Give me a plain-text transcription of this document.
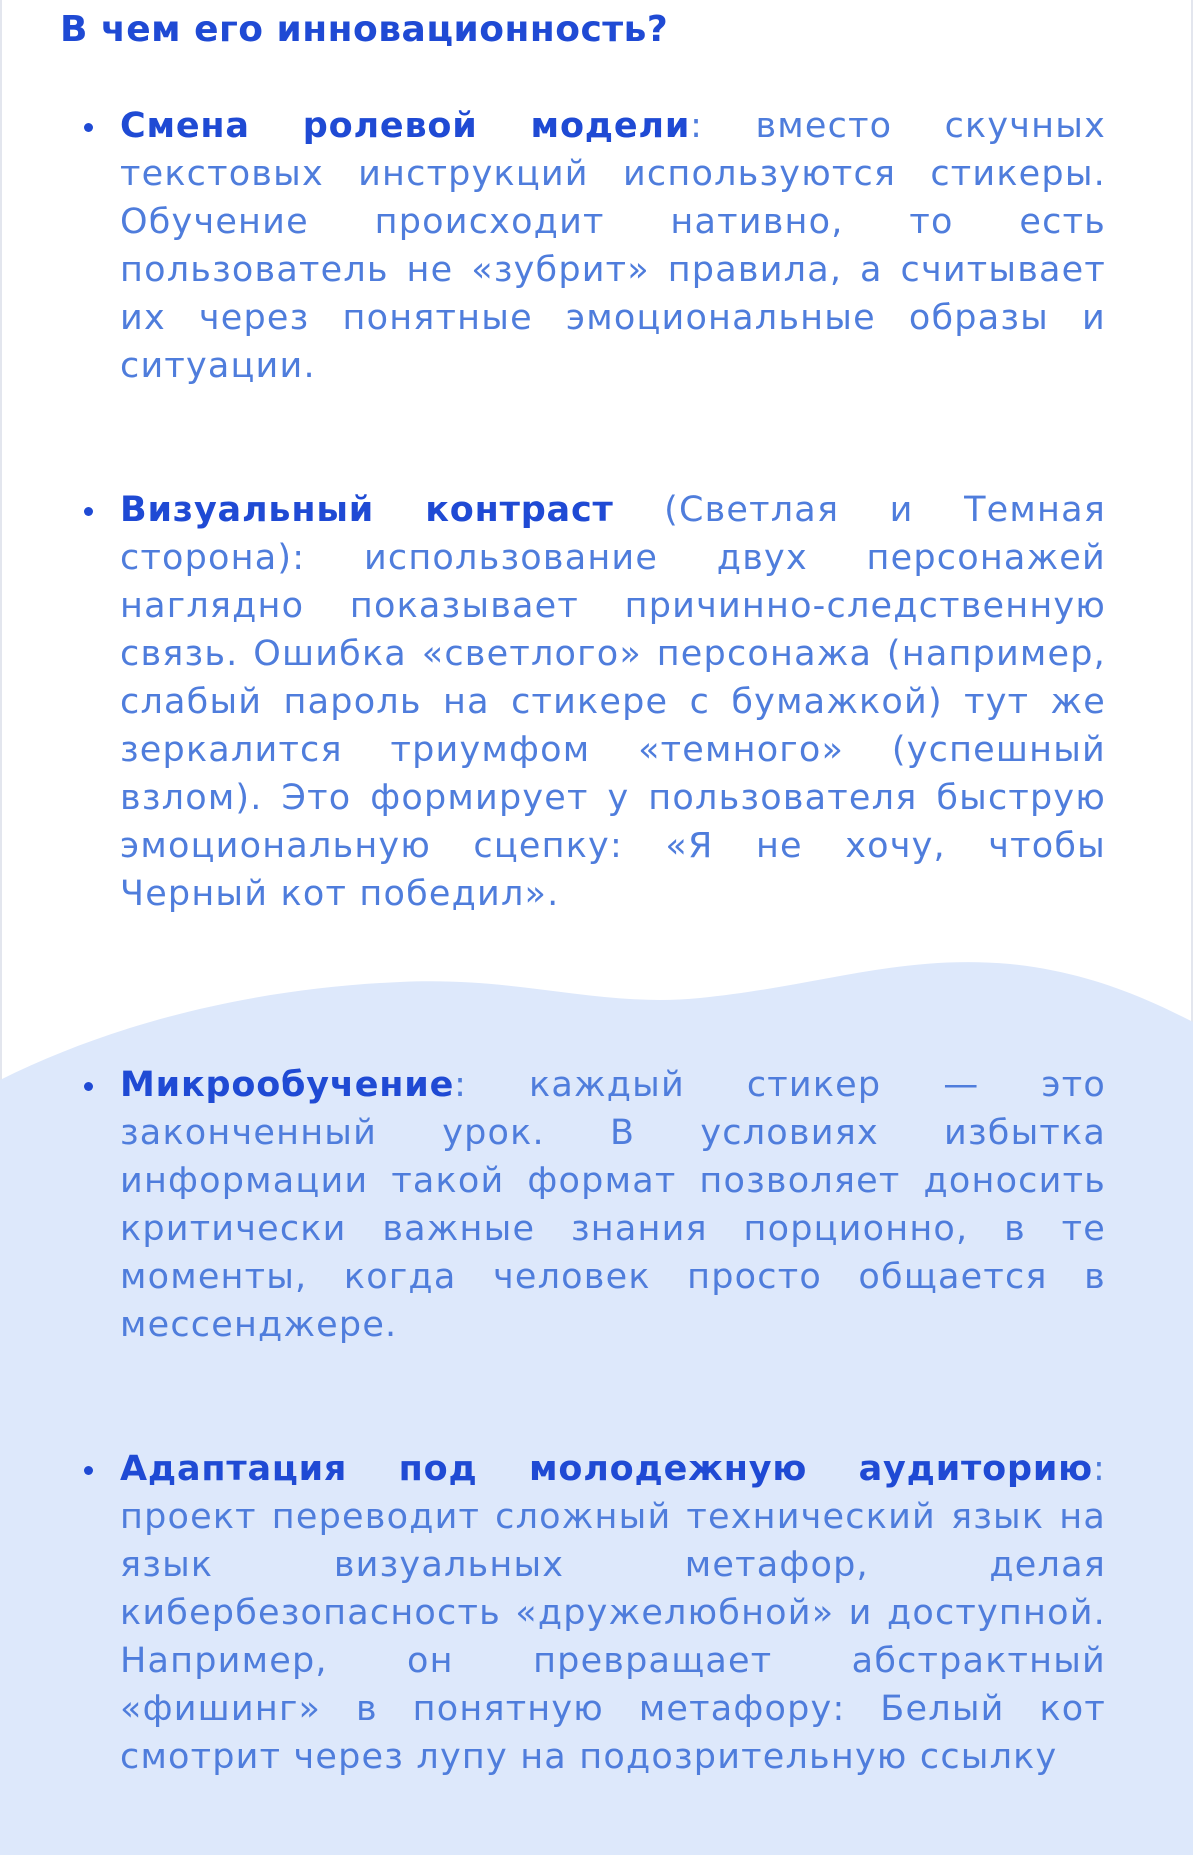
В чем его инновационность?

Смена ролевой модели: вместо скучных текстовых инструкций используются стикеры. Обучение происходит нативно, то есть пользователь не «зубрит» правила, а считывает их через понятные эмоциональные образы и ситуации.

Визуальный контраст (Светлая и Темная сторона): использование двух персонажей наглядно показывает причинно-следственную связь. Ошибка «светлого» персонажа (например, слабый пароль на стикере с бумажкой) тут же зеркалится триумфом «темного» (успешный взлом). Это формирует у пользователя быструю эмоциональную сцепку: «Я не хочу, чтобы Черный кот победил».

Микрообучение: каждый стикер — это законченный урок. В условиях избытка информации такой формат позволяет доносить критически важные знания порционно, в те моменты, когда человек просто общается в мессенджере.

Адаптация под молодежную аудиторию: проект переводит сложный технический язык на язык визуальных метафор, делая кибербезопасность «дружелюбной» и доступной. Например, он превращает абстрактный «фишинг» в понятную метафору: Белый кот смотрит через лупу на подозрительную ссылку
